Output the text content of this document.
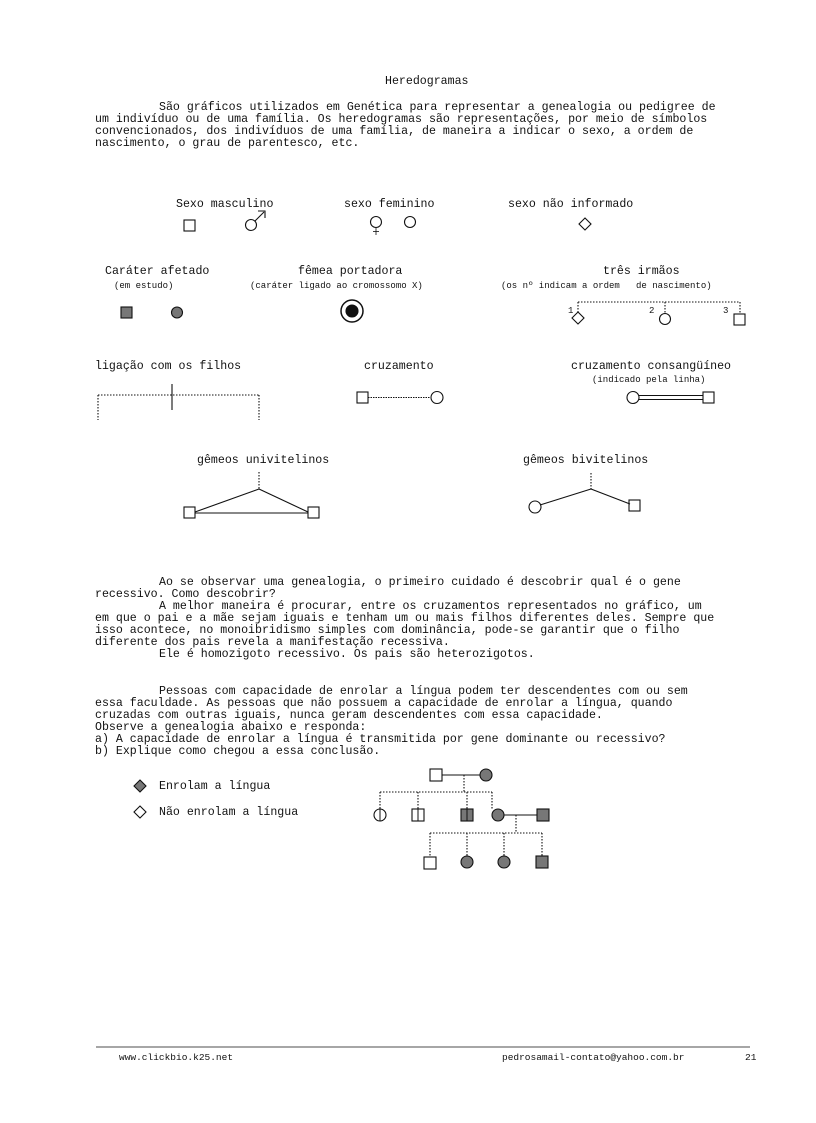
Heredogramas
São gráficos utilizados em Genética para representar a genealogia ou pedigree de
um indivíduo ou de uma família. Os heredogramas são representações, por meio de símbolos
convencionados, dos indivíduos de uma família, de maneira a indicar o sexo, a ordem de
nascimento, o grau de parentesco, etc.
Sexo masculino	sexo feminino	sexo não informado
Caráter afetado
(em estudo)
fêmea portadora
(caráter ligado ao cromossomo X)
três irmãos
(os nº indicam a ordem   de nascimento)
1	2	3
ligação com os filhos	cruzamento	cruzamento consangüíneo
(indicado pela linha)
gêmeos univitelinos	gêmeos bivitelinos
Ao se observar uma genealogia, o primeiro cuidado é descobrir qual é o gene
recessivo. Como descobrir?
A melhor maneira é procurar, entre os cruzamentos representados no gráfico, um
em que o pai e a mãe sejam iguais e tenham um ou mais filhos diferentes deles. Sempre que
isso acontece, no monoibridismo simples com dominância, pode-se garantir que o filho
diferente dos pais revela a manifestação recessiva.
Ele é homozigoto recessivo. Os pais são heterozigotos.
Pessoas com capacidade de enrolar a língua podem ter descendentes com ou sem
essa faculdade. As pessoas que não possuem a capacidade de enrolar a língua, quando
cruzadas com outras iguais, nunca geram descendentes com essa capacidade.
Observe a genealogia abaixo e responda:
a) A capacidade de enrolar a língua é transmitida por gene dominante ou recessivo?
b) Explique como chegou a essa conclusão.
Enrolam a língua
Não enrolam a língua
www.clickbio.k25.net	pedrosamail-contato@yahoo.com.br	21
